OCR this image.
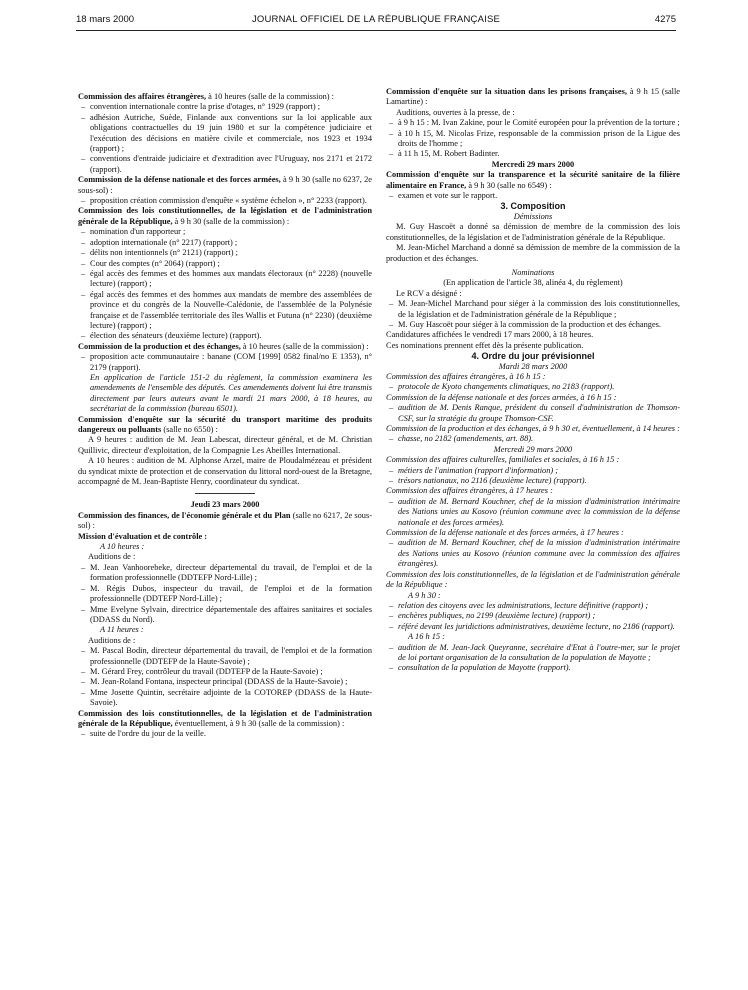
18 mars 2000	JOURNAL OFFICIEL DE LA RÉPUBLIQUE FRANÇAISE	4275

Commission des affaires étrangères, à 10 heures (salle de la commission) :

– convention internationale contre la prise d'otages, n° 1929 (rapport) ;
– adhésion Autriche, Suède, Finlande aux conventions sur la loi applicable aux obligations contractuelles du 19 juin 1980 et sur la compétence judiciaire et l'exécution des décisions en matière civile et commerciale, nos 1923 et 1934 (rapport) ;
– conventions d'entraide judiciaire et d'extradition avec l'Uruguay, nos 2171 et 2172 (rapport).

Commission de la défense nationale et des forces armées, à 9 h 30 (salle no 6237, 2e sous-sol) :

– proposition création commission d'enquête « système échelon », n° 2233 (rapport).

Commission des lois constitutionnelles, de la législation et de l'administration générale de la République, à 9 h 30 (salle de la commission) :

– nomination d'un rapporteur ;
– adoption internationale (n° 2217) (rapport) ;
– délits non intentionnels (n° 2121) (rapport) ;
– Cour des comptes (n° 2064) (rapport) ;
– égal accès des femmes et des hommes aux mandats électoraux (n° 2228) (nouvelle lecture) (rapport) ;
– égal accès des femmes et des hommes aux mandats de membre des assemblées de province et du congrès de la Nouvelle-Calédonie, de l'assemblée de la Polynésie française et de l'assemblée territoriale des îles Wallis et Futuna (n° 2230) (deuxième lecture) (rapport) ;
– élection des sénateurs (deuxième lecture) (rapport).

Commission de la production et des échanges, à 10 heures (salle de la commission) :

– proposition acte communautaire : banane (COM [1999] 0582 final/no E 1353), n° 2179 (rapport).

En application de l'article 151-2 du règlement, la commission examinera les amendements de l'ensemble des députés. Ces amendements doivent lui être transmis directement par leurs auteurs avant le mardi 21 mars 2000, à 18 heures, au secrétariat de la commission (bureau 6501).

Commission d'enquête sur la sécurité du transport maritime des produits dangereux ou polluants (salle no 6550) :

A 9 heures : audition de M. Jean Labescat, directeur général, et de M. Christian Quillivic, directeur d'exploitation, de la Compagnie Les Abeilles International.

A 10 heures : audition de M. Alphonse Arzel, maire de Ploudalmézeau et président du syndicat mixte de protection et de conservation du littoral nord-ouest de la Bretagne, accompagné de M. Jean-Baptiste Henry, coordinateur du syndicat.

Jeudi 23 mars 2000

Commission des finances, de l'économie générale et du Plan (salle no 6217, 2e sous-sol) :

Mission d'évaluation et de contrôle :

A 10 heures :

Auditions de :

– M. Jean Vanhoorebeke, directeur départemental du travail, de l'emploi et de la formation professionnelle (DDTEFP Nord-Lille) ;
– M. Régis Dubos, inspecteur du travail, de l'emploi et de la formation professionnelle (DDTEFP Nord-Lille) ;
– Mme Evelyne Sylvain, directrice départementale des affaires sanitaires et sociales (DDASS du Nord).

A 11 heures :

Auditions de :

– M. Pascal Bodin, directeur départemental du travail, de l'emploi et de la formation professionnelle (DDTEFP de la Haute-Savoie) ;
– M. Gérard Frey, contrôleur du travail (DDTEFP de la Haute-Savoie) ;
– M. Jean-Roland Fontana, inspecteur principal (DDASS de la Haute-Savoie) ;
– Mme Josette Quintin, secrétaire adjointe de la COTOREP (DDASS de la Haute-Savoie).

Commission des lois constitutionnelles, de la législation et de l'administration générale de la République, éventuellement, à 9 h 30 (salle de la commission) :

– suite de l'ordre du jour de la veille.

Commission d'enquête sur la situation dans les prisons françaises, à 9 h 15 (salle Lamartine) :

Auditions, ouvertes à la presse, de :

– à 9 h 15 : M. Ivan Zakine, pour le Comité européen pour la prévention de la torture ;
– à 10 h 15, M. Nicolas Frize, responsable de la commission prison de la Ligue des droits de l'homme ;
– à 11 h 15, M. Robert Badinter.

Mercredi 29 mars 2000

Commission d'enquête sur la transparence et la sécurité sanitaire de la filière alimentaire en France, à 9 h 30 (salle no 6549) :

– examen et vote sur le rapport.

3. Composition

Démissions

M. Guy Hascoët a donné sa démission de membre de la commission des lois constitutionnelles, de la législation et de l'administration générale de la République.

M. Jean-Michel Marchand a donné sa démission de membre de la commission de la production et des échanges.

Nominations

(En application de l'article 38, alinéa 4, du règlement)

Le RCV a désigné :

– M. Jean-Michel Marchand pour siéger à la commission des lois constitutionnelles, de la législation et de l'administration générale de la République ;
– M. Guy Hascoët pour siéger à la commission de la production et des échanges.

Candidatures affichées le vendredi 17 mars 2000, à 18 heures.

Ces nominations prennent effet dès la présente publication.

4. Ordre du jour prévisionnel

Mardi 28 mars 2000

Commission des affaires étrangères, à 16 h 15 :

– protocole de Kyoto changements climatiques, no 2183 (rapport).

Commission de la défense nationale et des forces armées, à 16 h 15 :

– audition de M. Denis Ranque, président du conseil d'administration de Thomson-CSF, sur la stratégie du groupe Thomson-CSF.

Commission de la production et des échanges, à 9 h 30 et, éventuellement, à 14 heures :

– chasse, no 2182 (amendements, art. 88).

Mercredi 29 mars 2000

Commission des affaires culturelles, familiales et sociales, à 16 h 15 :

– métiers de l'animation (rapport d'information) ;
– trésors nationaux, no 2116 (deuxième lecture) (rapport).

Commission des affaires étrangères, à 17 heures :

– audition de M. Bernard Kouchner, chef de la mission d'administration intérimaire des Nations unies au Kosovo (réunion commune avec la commission de la défense nationale et des forces armées).

Commission de la défense nationale et des forces armées, à 17 heures :

– audition de M. Bernard Kouchner, chef de la mission d'administration intérimaire des Nations unies au Kosovo (réunion commune avec la commission des affaires étrangères).

Commission des lois constitutionnelles, de la législation et de l'administration générale de la République :

A 9 h 30 :

– relation des citoyens avec les administrations, lecture définitive (rapport) ;
– enchères publiques, no 2199 (deuxième lecture) (rapport) ;
– référé devant les juridictions administratives, deuxième lecture, no 2186 (rapport).

A 16 h 15 :

– audition de M. Jean-Jack Queyranne, secrétaire d'Etat à l'outre-mer, sur le projet de loi portant organisation de la consultation de la population de Mayotte ;
– consultation de la population de Mayotte (rapport).
